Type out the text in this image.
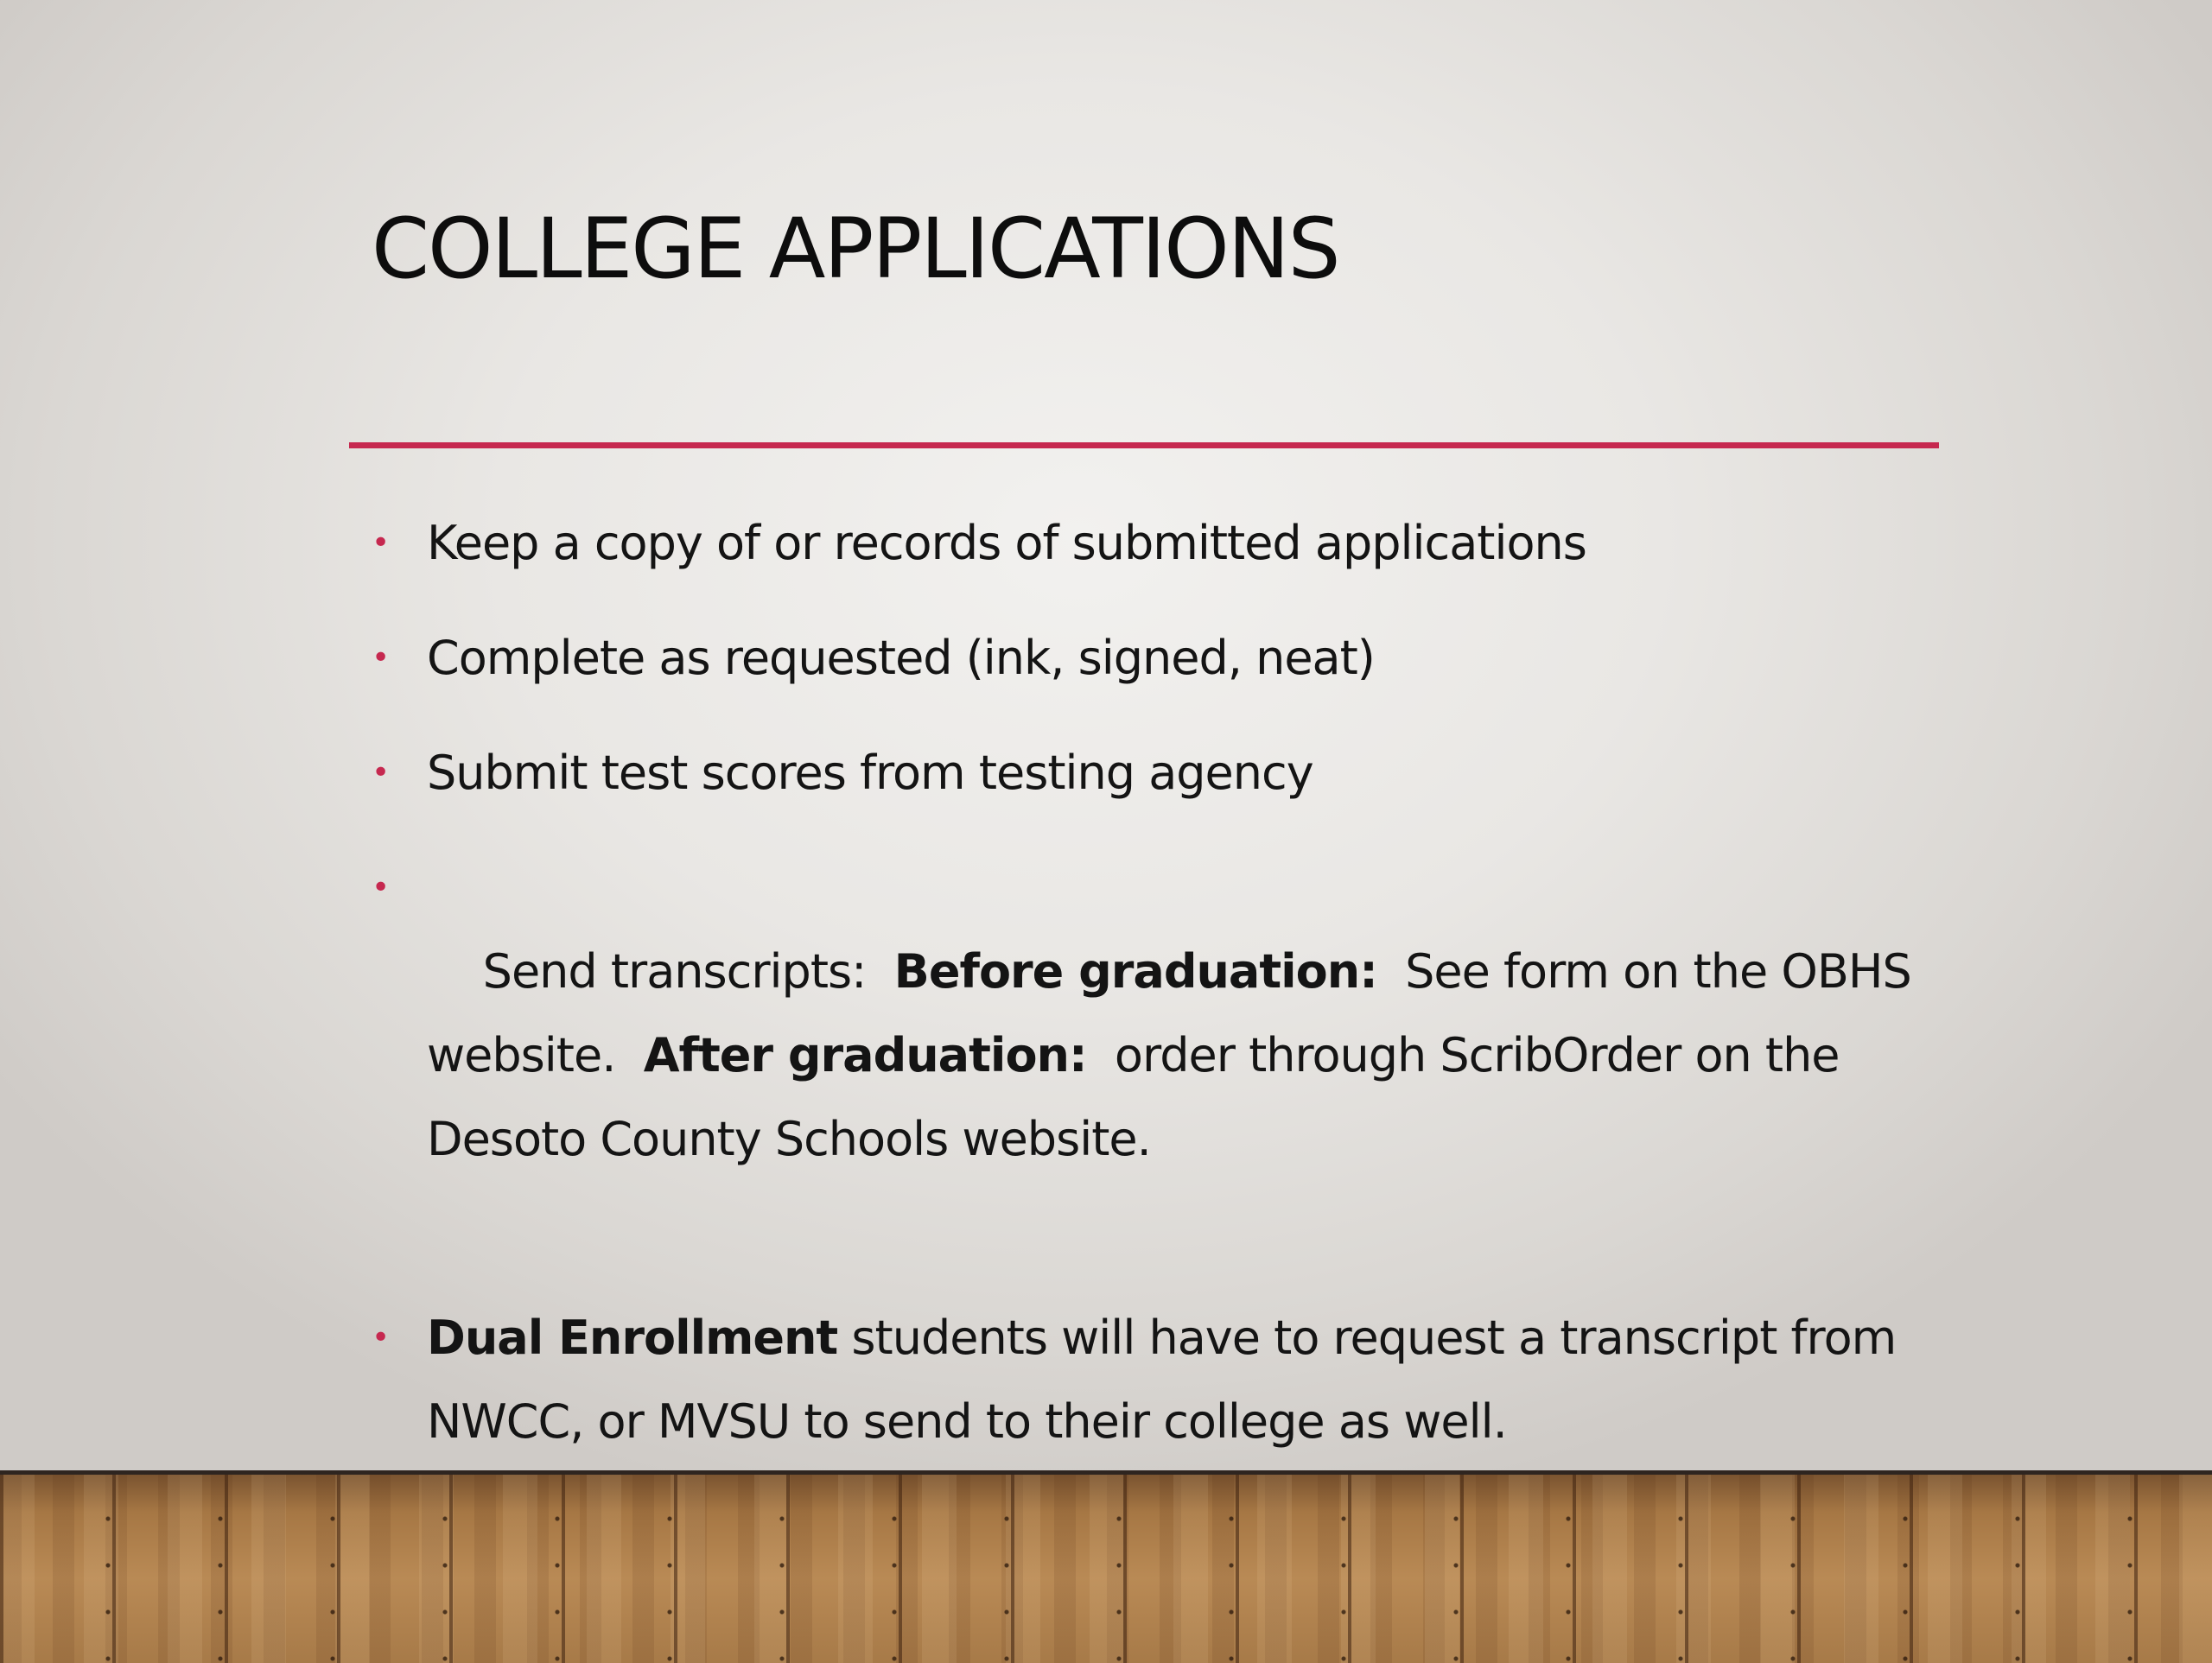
COLLEGE APPLICATIONS
• Keep a copy of or records of submitted applications
• Complete as requested (ink, signed, neat)
• Submit test scores from testing agency

•
Send transcripts:  Before graduation:  See form on the OBHS website.  After graduation:  order through ScribOrder on the Desoto County Schools website.

• Dual Enrollment students will have to request a transcript from NWCC, or MVSU to send to their college as well.
